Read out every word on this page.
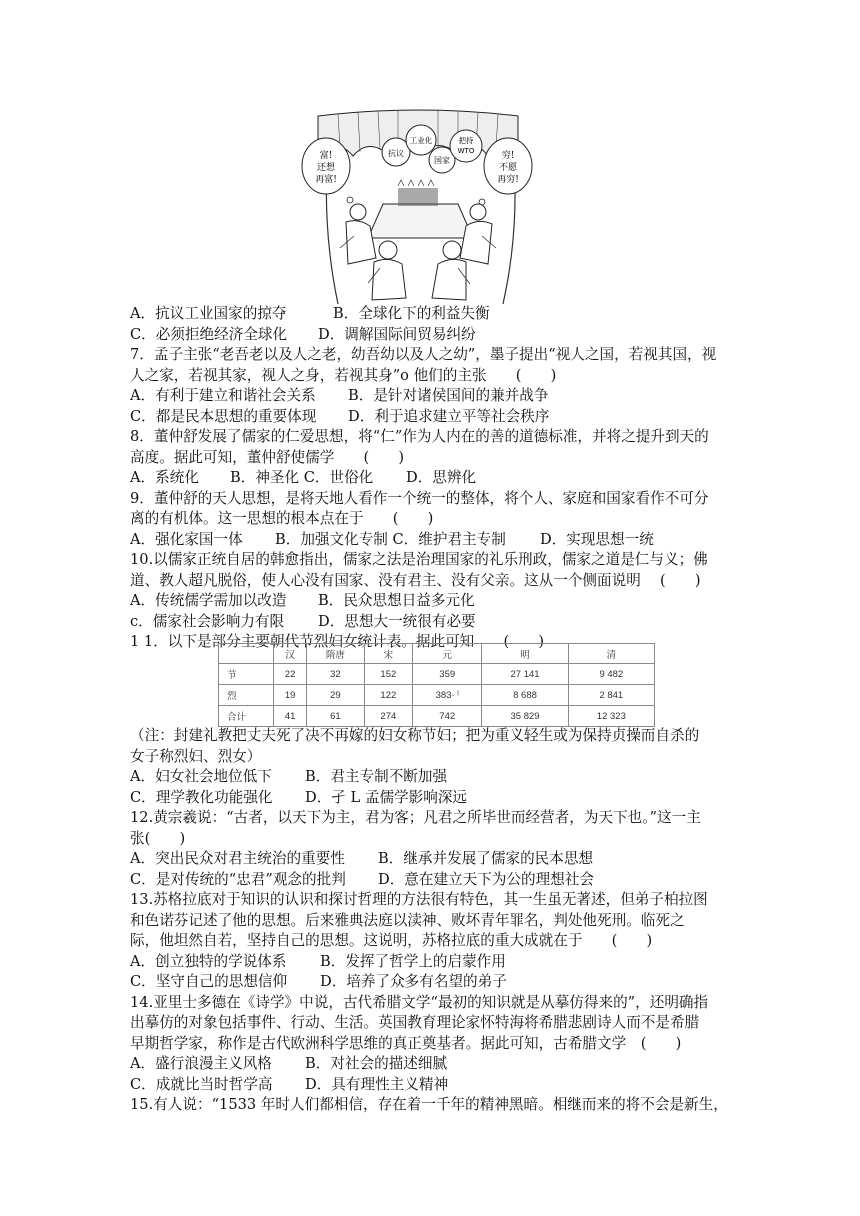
富!
还想
再富!
穷!
不愿
再穷!
抗议
工业化
国家
把持
WTO
A．抗议工业国家的掠夺	B．全球化下的利益失衡
C．必须拒绝经济全球化 D．调解国际间贸易纠纷
7．孟子主张“老吾老以及人之老，幼吾幼以及人之幼”，墨子提出“视人之国，若视其国，视
人之家，若视其家，视人之身，若视其身”o 他们的主张　　(　　)
A．有利于建立和谐社会关系 B．是针对诸侯国间的兼并战争
C．都是民本思想的重要体现 D．利于追求建立平等社会秩序
8．董仲舒发展了儒家的仁爱思想，将“仁”作为人内在的善的道德标准，并将之提升到天的
高度。据此可知，董仲舒使儒学　　(　　)
A．系统化 B．神圣化 C．世俗化 D．思辨化
9．董仲舒的天人思想，是将天地人看作一个统一的整体，将个人、家庭和国家看作不可分
离的有机体。这一思想的根本点在于　　(　　)
A．强化家国一体 B．加强文化专制 C．维护君主专制 D．实现思想一统
10.以儒家正统自居的韩愈指出，儒家之法是治理国家的礼乐刑政，儒家之道是仁与义；佛
道、教人超凡脱俗，使人心没有国家、没有君主、没有父亲。这从一个侧面说明　 (　　)
A．传统儒学需加以改造 B．民众思想日益多元化
c．儒家社会影响力有限 D．思想大一统很有必要
1 1．以下是部分主要朝代节烈妇女统计表。据此可知　　(　　)
	汉	隋唐	宋	元	明	清
节	22	32	152	359	27 141	9 482
烈	19	29	122	383· ˡ	8 688	2 841
合计	41	61	274	742	35 829	12 323
（注：封建礼教把丈夫死了决不再嫁的妇女称节妇；把为重义轻生或为保持贞操而自杀的
女子称烈妇、烈女）
A．妇女社会地位低下 B．君主专制不断加强
C．理学教化功能强化 D．孑 L 孟儒学影响深远
12.黄宗羲说：“古者，以天下为主，君为客；凡君之所毕世而经营者，为天下也。”这一主
张(　　)
A．突出民众对君主统治的重要性 B．继承并发展了儒家的民本思想
C．是对传统的“忠君”观念的批判 D．意在建立天下为公的理想社会
13.苏格拉底对于知识的认识和探讨哲理的方法很有特色，其一生虽无著述，但弟子柏拉图
和色诺芬记述了他的思想。后来雅典法庭以渎神、败坏青年罪名，判处他死刑。临死之
际，他坦然自若，坚持自己的思想。这说明，苏格拉底的重大成就在于　　(　　)
A．创立独特的学说体系 B．发挥了哲学上的启蒙作用
C．坚守自己的思想信仰 D．培养了众多有名望的弟子
14.亚里士多德在《诗学》中说，古代希腊文学“最初的知识就是从摹仿得来的”，还明确指
出摹仿的对象包括事件、行动、生活。英国教育理论家怀特海将希腊悲剧诗人而不是希腊
早期哲学家，称作是古代欧洲科学思维的真正奠基者。据此可知，古希腊文学　(　　)
A．盛行浪漫主义风格 B．对社会的描述细腻
C．成就比当时哲学高 D．具有理性主义精神
15.有人说：“1533 年时人们都相信，存在着一千年的精神黑暗。相继而来的将不会是新生，
